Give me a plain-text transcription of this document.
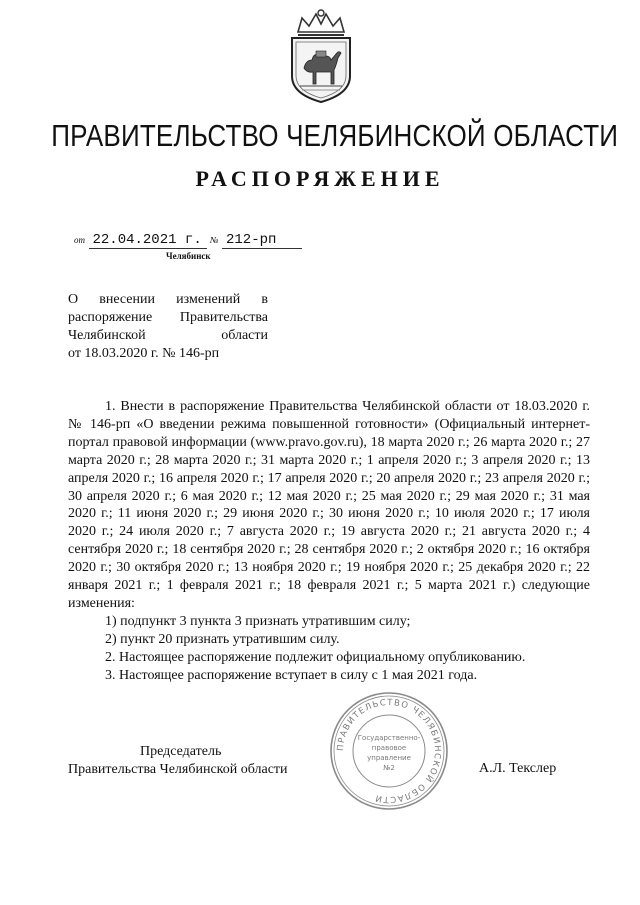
ПРАВИТЕЛЬСТВО ЧЕЛЯБИНСКОЙ ОБЛАСТИ
РАСПОРЯЖЕНИЕ
от 22.04.2021 г. № 212-рп
Челябинск
О внесении изменений в
распоряжение Правительства
Челябинской области
от 18.03.2020 г. № 146-рп

1. Внести в распоряжение Правительства Челябинской области от 18.03.2020 г. № 146-рп «О введении режима повышенной готовности» (Официальный интернет-портал правовой информации (www.pravo.gov.ru), 18 марта 2020 г.; 26 марта 2020 г.; 27 марта 2020 г.; 28 марта 2020 г.; 31 марта 2020 г.; 1 апреля 2020 г.; 3 апреля 2020 г.; 13 апреля 2020 г.; 16 апреля 2020 г.; 17 апреля 2020 г.; 20 апреля 2020 г.; 23 апреля 2020 г.; 30 апреля 2020 г.; 6 мая 2020 г.; 12 мая 2020 г.; 25 мая 2020 г.; 29 мая 2020 г.; 31 мая 2020 г.; 11 июня 2020 г.; 29 июня 2020 г.; 30 июня 2020 г.; 10 июля 2020 г.; 17 июля 2020 г.; 24 июля 2020 г.; 7 августа 2020 г.; 19 августа 2020 г.; 21 августа 2020 г.; 4 сентября 2020 г.; 18 сентября 2020 г.; 28 сентября 2020 г.; 2 октября 2020 г.; 16 октября 2020 г.; 30 октября 2020 г.; 13 ноября 2020 г.; 19 ноября 2020 г.; 25 декабря 2020 г.; 22 января 2021 г.; 1 февраля 2021 г.; 18 февраля 2021 г.; 5 марта 2021 г.) следующие изменения:

1) подпункт 3 пункта 3 признать утратившим силу;

2) пункт 20 признать утратившим силу.

2. Настоящее распоряжение подлежит официальному опубликованию.

3. Настоящее распоряжение вступает в силу с 1 мая 2021 года.

Председатель
Правительства Челябинской области	А.Л. Текслер
ПРАВИТЕЛЬСТВО ЧЕЛЯБИНСКОЙ ОБЛАСТИ
Государственно-
правовое
управление
№2
